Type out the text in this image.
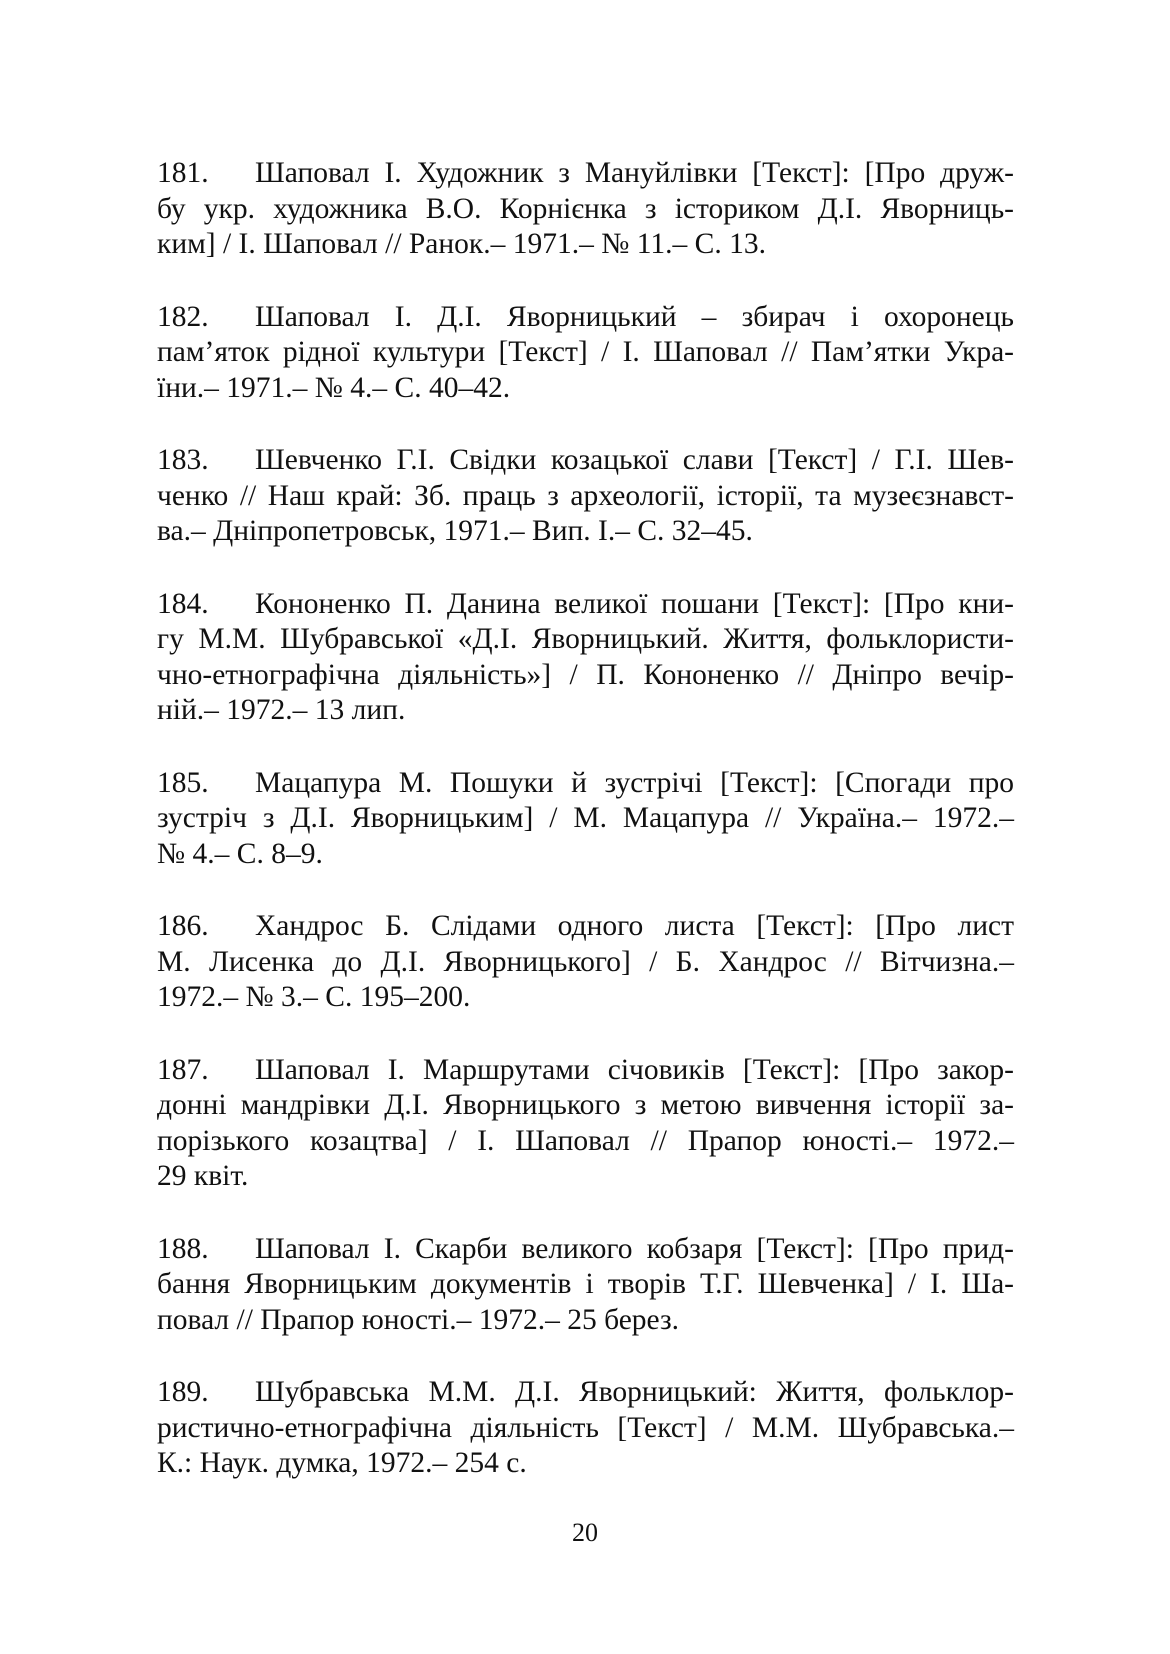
181. Шаповал І. Художник з Мануйлівки [Текст]: [Про друж-
бу укр. художника В.О. Корнієнка з істориком Д.І. Яворниць-
ким] / І. Шаповал // Ранок.– 1971.– № 11.– С. 13.
182. Шаповал І. Д.І. Яворницький – збирач і охоронець
пам’яток рідної культури [Текст] / І. Шаповал // Пам’ятки Укра-
їни.– 1971.– № 4.– С. 40–42.
183. Шевченко Г.І. Свідки козацької слави [Текст] / Г.І. Шев-
ченко // Наш край: Зб. праць з археології, історії, та музеєзнавст-
ва.– Дніпропетровськ, 1971.– Вип. І.– С. 32–45.
184. Кононенко П. Данина великої пошани [Текст]: [Про кни-
гу М.М. Шубравської «Д.І. Яворницький. Життя, фольклористи-
чно-етнографічна діяльність»] / П. Кононенко // Дніпро вечір-
ній.– 1972.– 13 лип.
185. Мацапура М. Пошуки й зустрічі [Текст]: [Спогади про
зустріч з Д.І. Яворницьким] / М. Мацапура // Україна.– 1972.–
№ 4.– С. 8–9.
186. Хандрос Б. Слідами одного листа [Текст]: [Про лист
М. Лисенка до Д.І. Яворницького] / Б. Хандрос // Вітчизна.–
1972.– № 3.– С. 195–200.
187. Шаповал І. Маршрутами січовиків [Текст]: [Про закор-
донні мандрівки Д.І. Яворницького з метою вивчення історії за-
порізького козацтва] / І. Шаповал // Прапор юності.– 1972.–
29 квіт.
188. Шаповал І. Скарби великого кобзаря [Текст]: [Про прид-
бання Яворницьким документів і творів Т.Г. Шевченка] / І. Ша-
повал // Прапор юності.– 1972.– 25 берез.
189. Шубравська М.М. Д.І. Яворницький: Життя, фольклор-
ристично-етнографічна діяльність [Текст] / М.М. Шубравська.–
К.: Наук. думка, 1972.– 254 с.
20
